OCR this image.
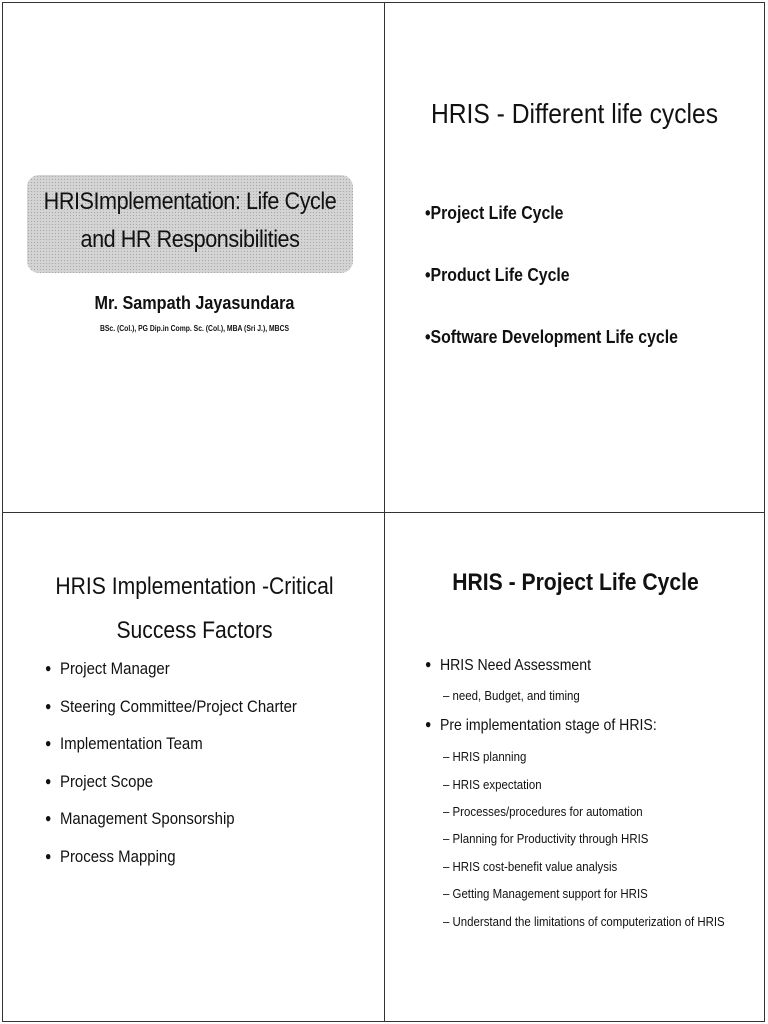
HRISImplementation: Life Cycle
and HR Responsibilities
Mr. Sampath Jayasundara
BSc. (Col.), PG Dip.in Comp. Sc. (Col.), MBA (Sri J.), MBCS
HRIS - Different life cycles
•Project Life Cycle
•Product Life Cycle
•Software Development Life cycle
HRIS Implementation -Critical
Success Factors
● Project Manager
● Steering Committee/Project Charter
● Implementation Team
● Project Scope
● Management Sponsorship
● Process Mapping
HRIS - Project Life Cycle
● HRIS Need Assessment
– need, Budget, and timing
● Pre implementation stage of HRIS:
– HRIS planning
– HRIS expectation
– Processes/procedures for automation
– Planning for Productivity through HRIS
– HRIS cost-benefit value analysis
– Getting Management support for HRIS
– Understand the limitations of computerization of HRIS
